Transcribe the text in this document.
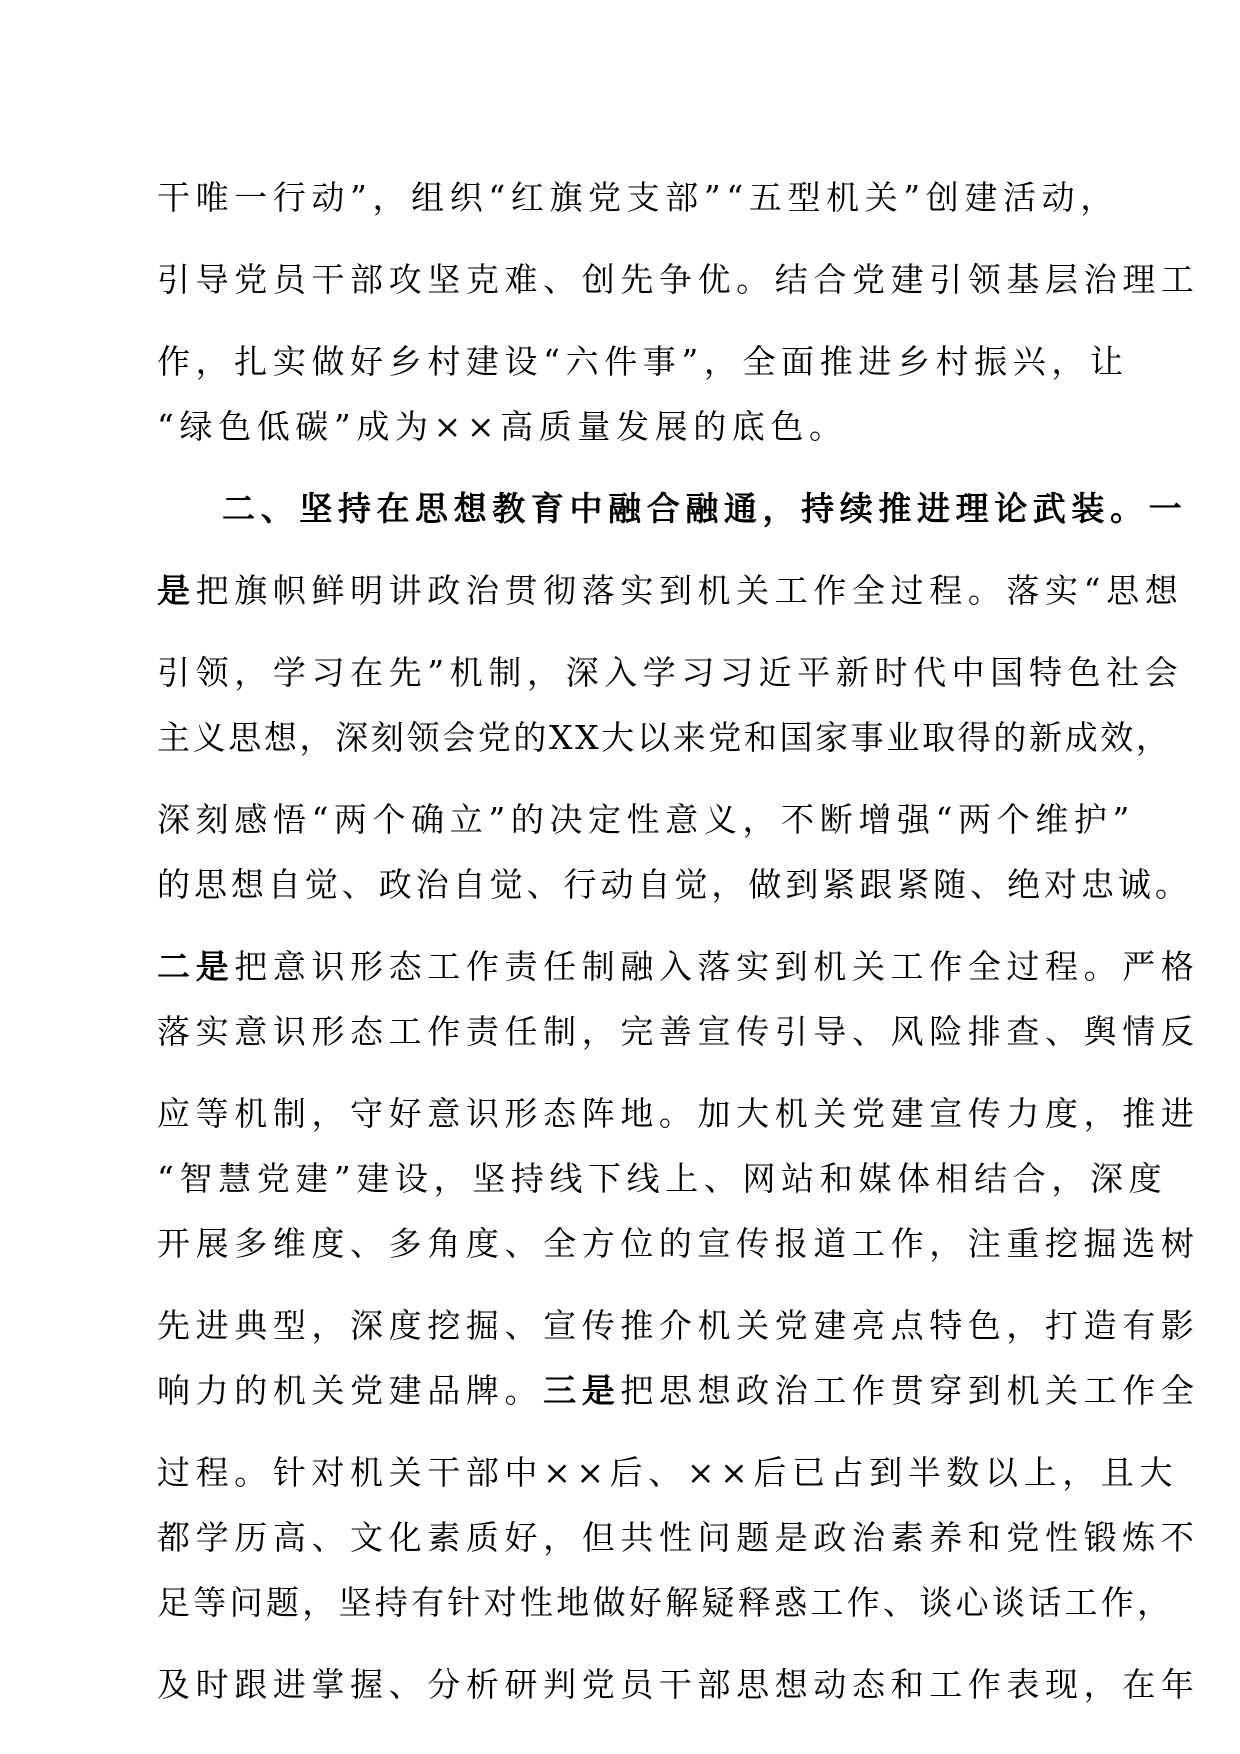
干唯一行动”，组织“红旗党支部”“五型机关”创建活动，
引导党员干部攻坚克难、创先争优。结合党建引领基层治理工
作，扎实做好乡村建设“六件事”，全面推进乡村振兴，让
“绿色低碳”成为××高质量发展的底色。
二、坚持在思想教育中融合融通，持续推进理论武装。一
是把旗帜鲜明讲政治贯彻落实到机关工作全过程。落实“思想
引领，学习在先”机制，深入学习习近平新时代中国特色社会
主义思想，深刻领会党的XX大以来党和国家事业取得的新成效，
深刻感悟“两个确立”的决定性意义，不断增强“两个维护”
的思想自觉、政治自觉、行动自觉，做到紧跟紧随、绝对忠诚。
二是把意识形态工作责任制融入落实到机关工作全过程。严格
落实意识形态工作责任制，完善宣传引导、风险排查、舆情反
应等机制，守好意识形态阵地。加大机关党建宣传力度，推进
“智慧党建”建设，坚持线下线上、网站和媒体相结合，深度
开展多维度、多角度、全方位的宣传报道工作，注重挖掘选树
先进典型，深度挖掘、宣传推介机关党建亮点特色，打造有影
响力的机关党建品牌。三是把思想政治工作贯穿到机关工作全
过程。针对机关干部中××后、××后已占到半数以上，且大
都学历高、文化素质好，但共性问题是政治素养和党性锻炼不
足等问题，坚持有针对性地做好解疑释惑工作、谈心谈话工作，
及时跟进掌握、分析研判党员干部思想动态和工作表现，在年
